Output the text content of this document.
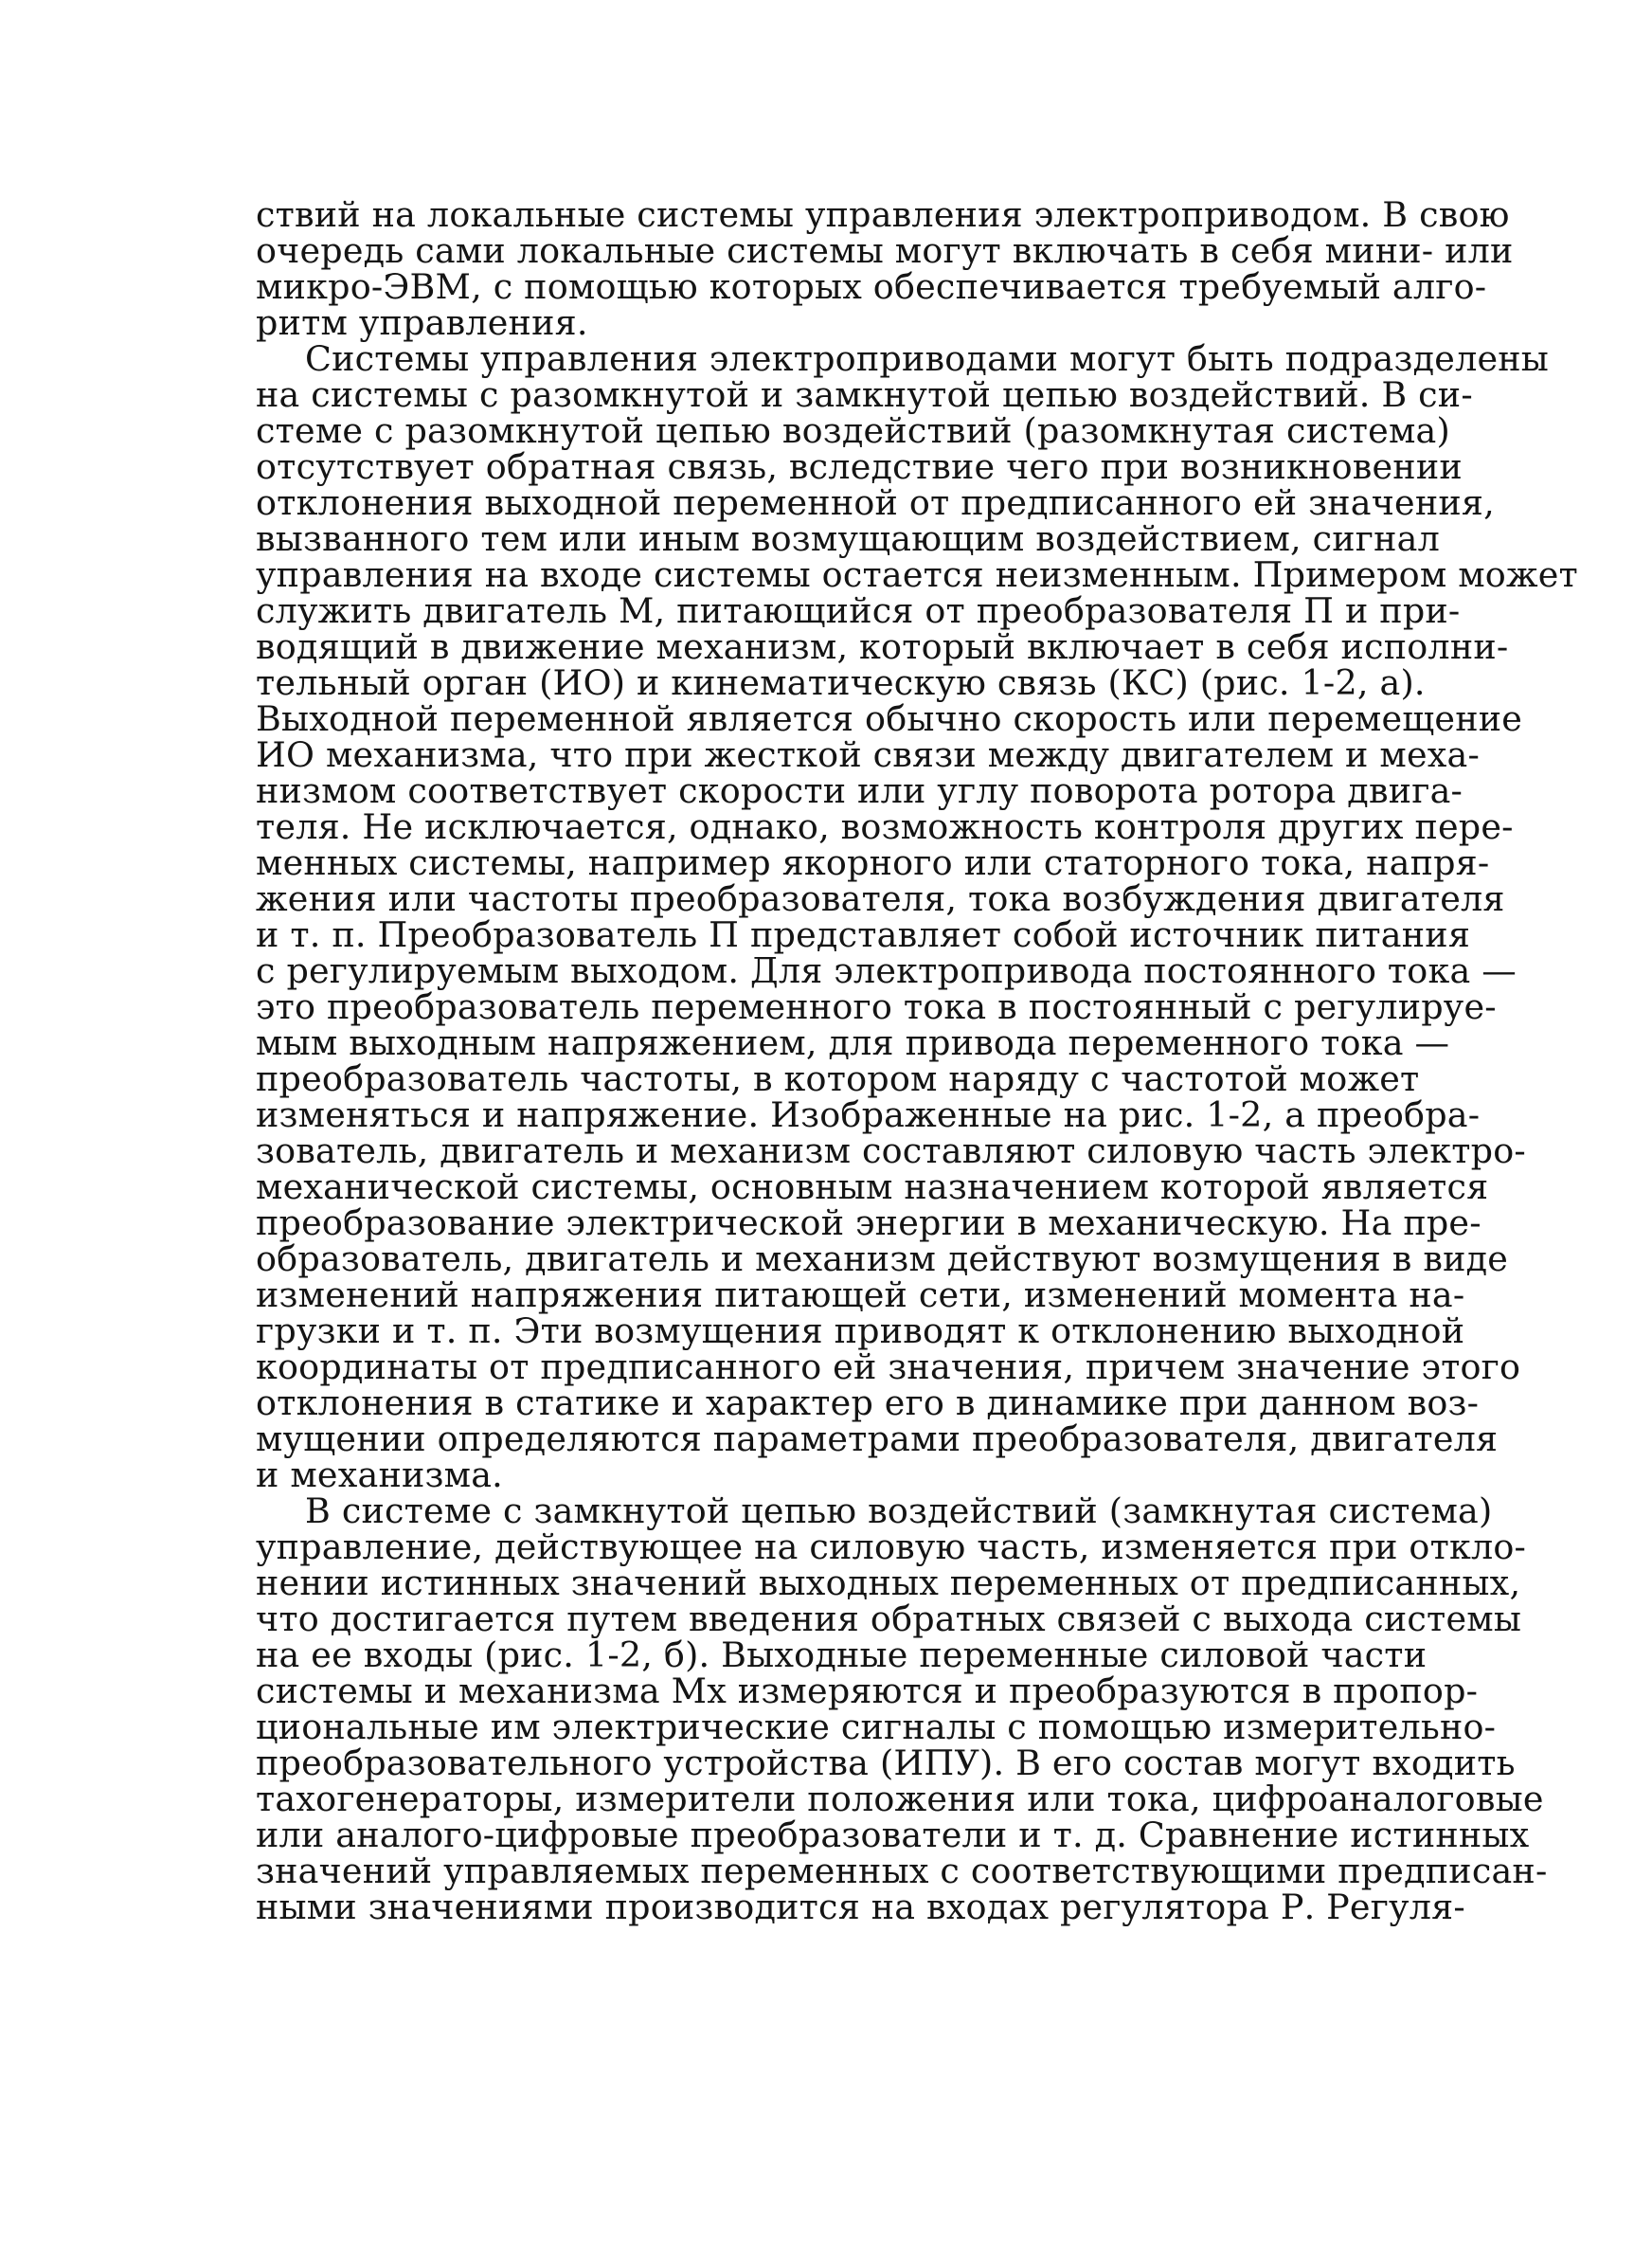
ствий на локальные системы управления электроприводом. В свою
очередь сами локальные системы могут включать в себя мини- или
микро-ЭВМ, с помощью которых обеспечивается требуемый алго-
ритм управления.
Системы управления электроприводами могут быть подразделены
на системы с разомкнутой и замкнутой цепью воздействий. В си-
стеме с разомкнутой цепью воздействий (разомкнутая система)
отсутствует обратная связь, вследствие чего при возникновении
отклонения выходной переменной от предписанного ей значения,
вызванного тем или иным возмущающим воздействием, сигнал
управления на входе системы остается неизменным. Примером может
служить двигатель М, питающийся от преобразователя П и при-
водящий в движение механизм, который включает в себя исполни-
тельный орган (ИО) и кинематическую связь (КС) (рис. 1-2, а).
Выходной переменной является обычно скорость или перемещение
ИО механизма, что при жесткой связи между двигателем и меха-
низмом соответствует скорости или углу поворота ротора двига-
теля. Не исключается, однако, возможность контроля других пере-
менных системы, например якорного или статорного тока, напря-
жения или частоты преобразователя, тока возбуждения двигателя
и т. п. Преобразователь П представляет собой источник питания
с регулируемым выходом. Для электропривода постоянного тока —
это преобразователь переменного тока в постоянный с регулируе-
мым выходным напряжением, для привода переменного тока —
преобразователь частоты, в котором наряду с частотой может
изменяться и напряжение. Изображенные на рис. 1-2, а преобра-
зователь, двигатель и механизм составляют силовую часть электро-
механической системы, основным назначением которой является
преобразование электрической энергии в механическую. На пре-
образователь, двигатель и механизм действуют возмущения в виде
изменений напряжения питающей сети, изменений момента на-
грузки и т. п. Эти возмущения приводят к отклонению выходной
координаты от предписанного ей значения, причем значение этого
отклонения в статике и характер его в динамике при данном воз-
мущении определяются параметрами преобразователя, двигателя
и механизма.
В системе с замкнутой цепью воздействий (замкнутая система)
управление, действующее на силовую часть, изменяется при откло-
нении истинных значений выходных переменных от предписанных,
что достигается путем введения обратных связей с выхода системы
на ее входы (рис. 1-2, б). Выходные переменные силовой части
системы и механизма Мх измеряются и преобразуются в пропор-
циональные им электрические сигналы с помощью измерительно-
преобразовательного устройства (ИПУ). В его состав могут входить
тахогенераторы, измерители положения или тока, цифроаналоговые
или аналого-цифровые преобразователи и т. д. Сравнение истинных
значений управляемых переменных с соответствующими предписан-
ными значениями производится на входах регулятора Р. Регуля-
